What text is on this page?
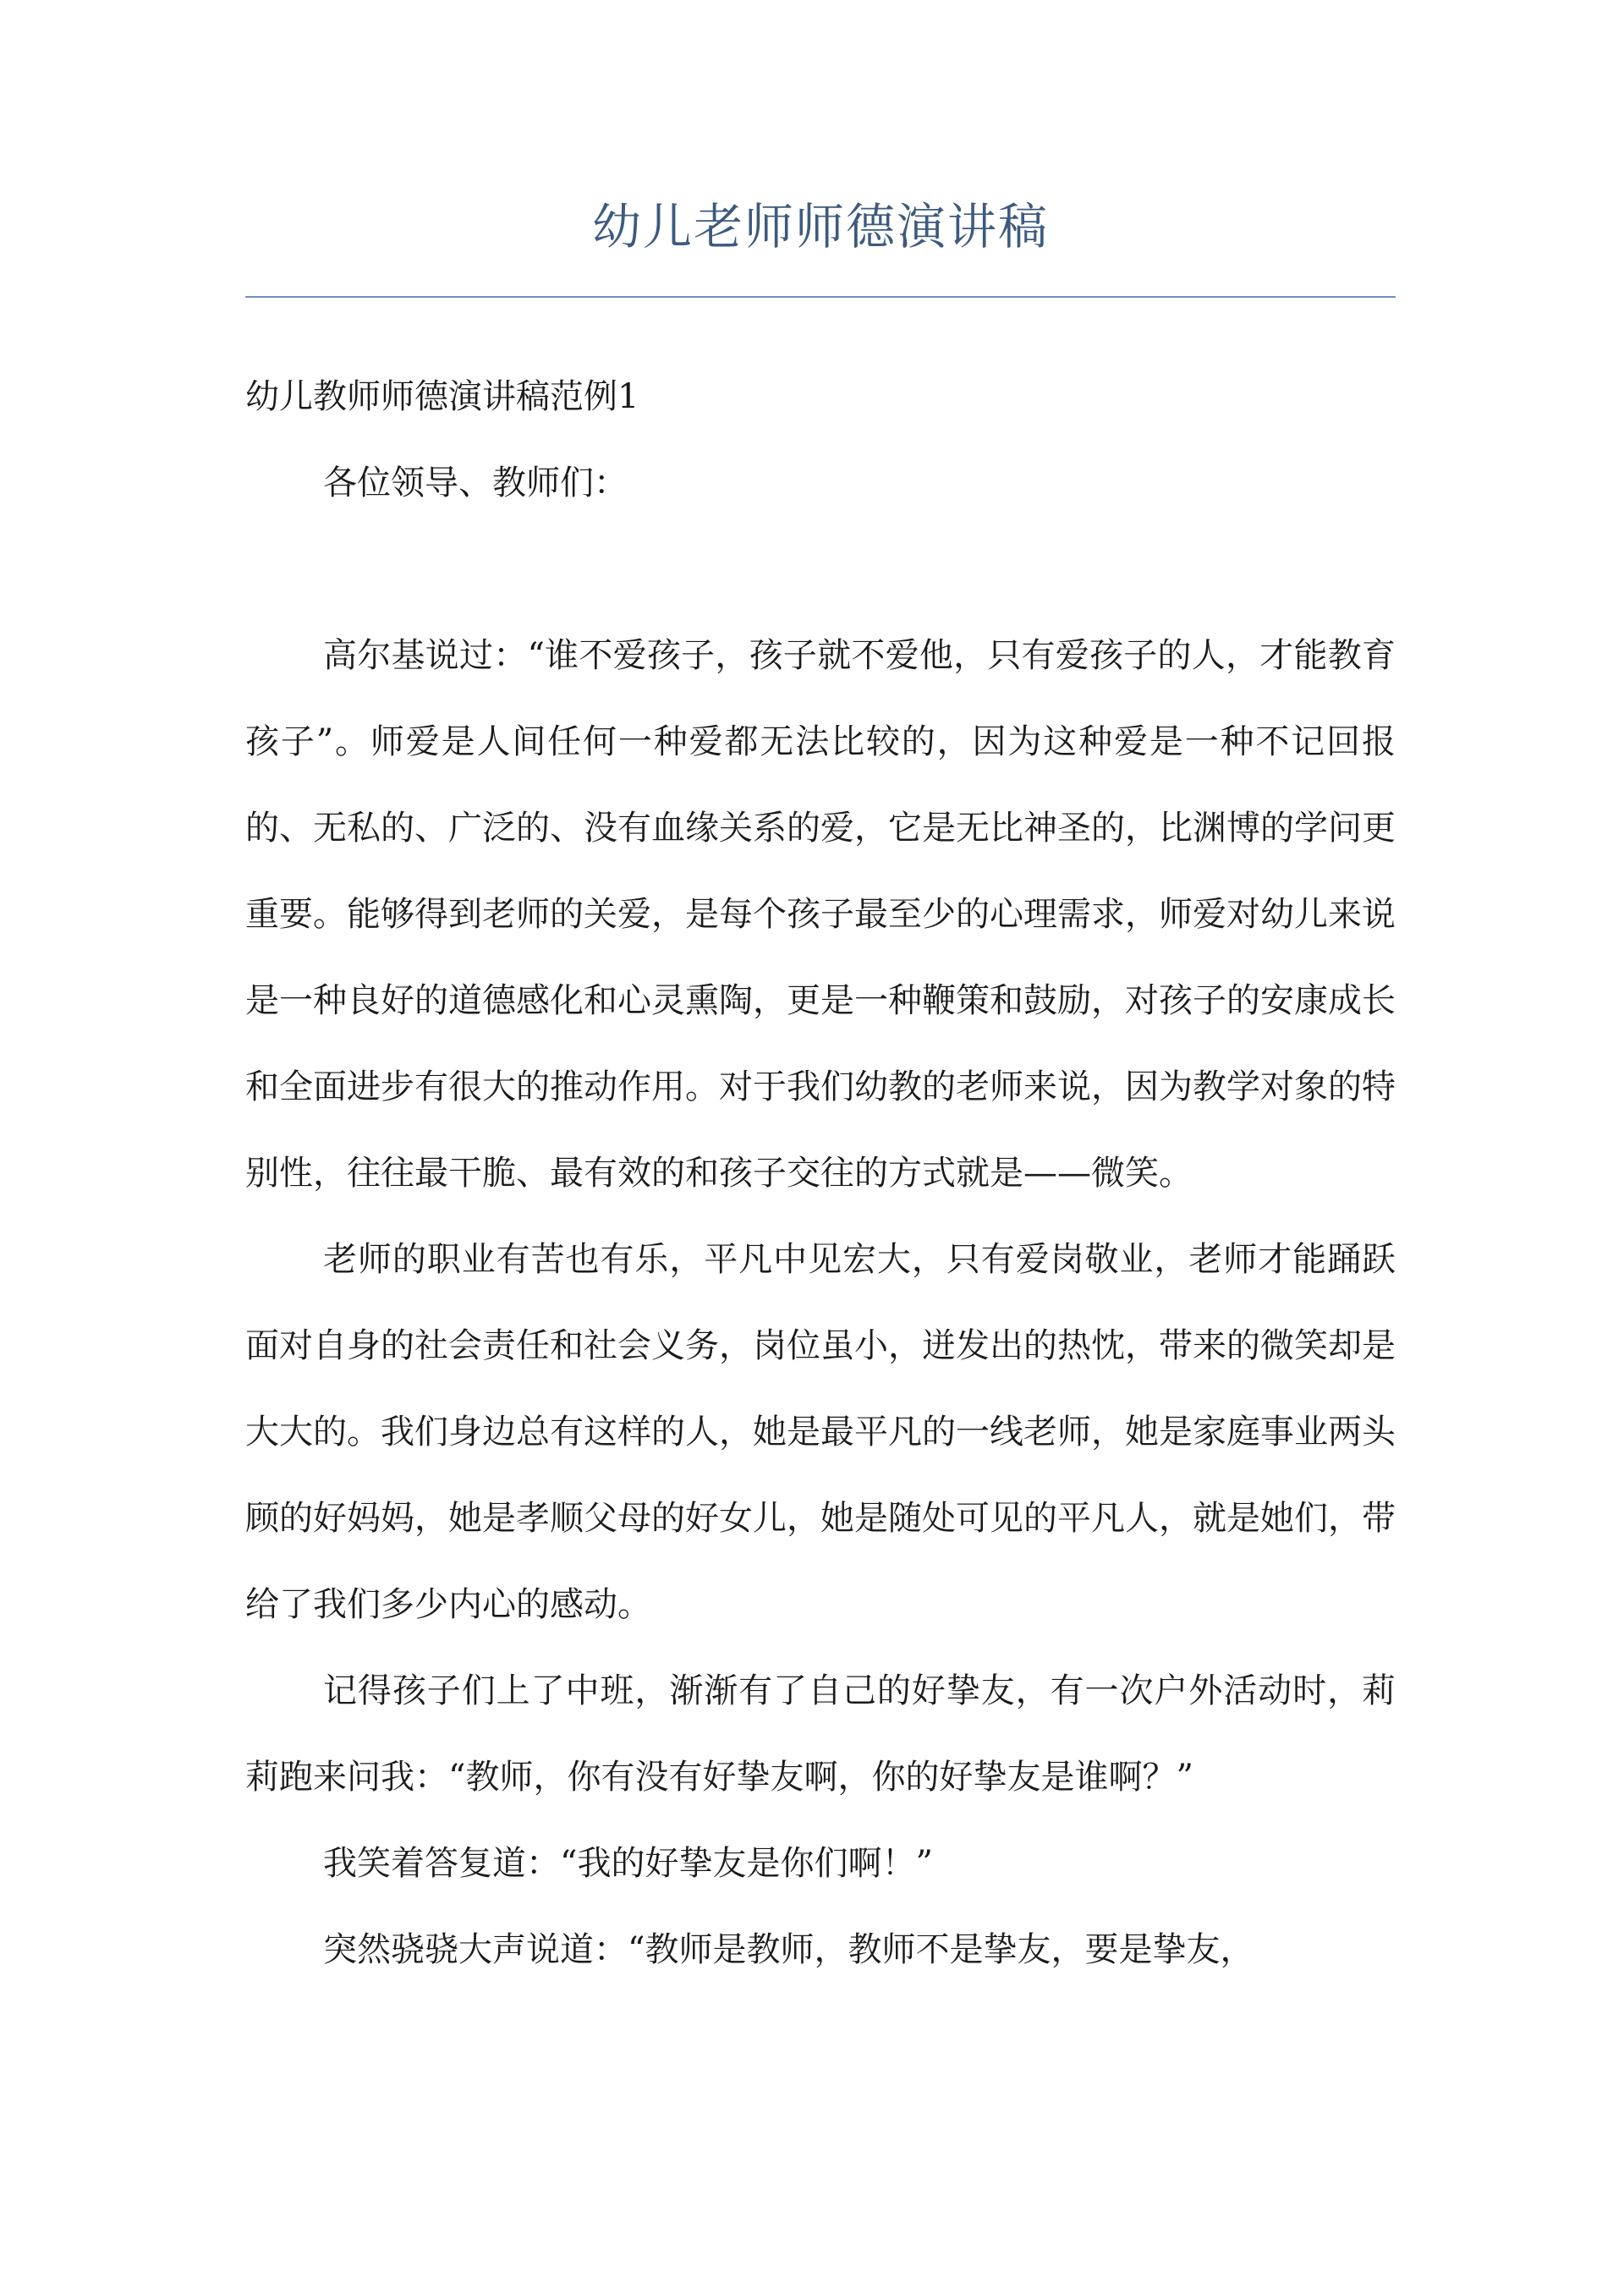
幼儿老师师德演讲稿

幼儿教师师德演讲稿范例1

各位领导、教师们：

高尔基说过：“谁不爱孩子，孩子就不爱他，只有爱孩子的人，才能教育孩子”。师爱是人间任何一种爱都无法比较的，因为这种爱是一种不记回报的、无私的、广泛的、没有血缘关系的爱，它是无比神圣的，比渊博的学问更重要。能够得到老师的关爱，是每个孩子最至少的心理需求，师爱对幼儿来说是一种良好的道德感化和心灵熏陶，更是一种鞭策和鼓励，对孩子的安康成长和全面进步有很大的推动作用。对于我们幼教的老师来说，因为教学对象的特别性，往往最干脆、最有效的和孩子交往的方式就是——微笑。

老师的职业有苦也有乐，平凡中见宏大，只有爱岗敬业，老师才能踊跃面对自身的社会责任和社会义务，岗位虽小，迸发出的热忱，带来的微笑却是大大的。我们身边总有这样的人，她是最平凡的一线老师，她是家庭事业两头顾的好妈妈，她是孝顺父母的好女儿，她是随处可见的平凡人，就是她们，带给了我们多少内心的感动。

记得孩子们上了中班，渐渐有了自己的好挚友，有一次户外活动时，莉莉跑来问我：“教师，你有没有好挚友啊，你的好挚友是谁啊？”

我笑着答复道：“我的好挚友是你们啊！”

突然骁骁大声说道：“教师是教师，教师不是挚友，要是挚友，
